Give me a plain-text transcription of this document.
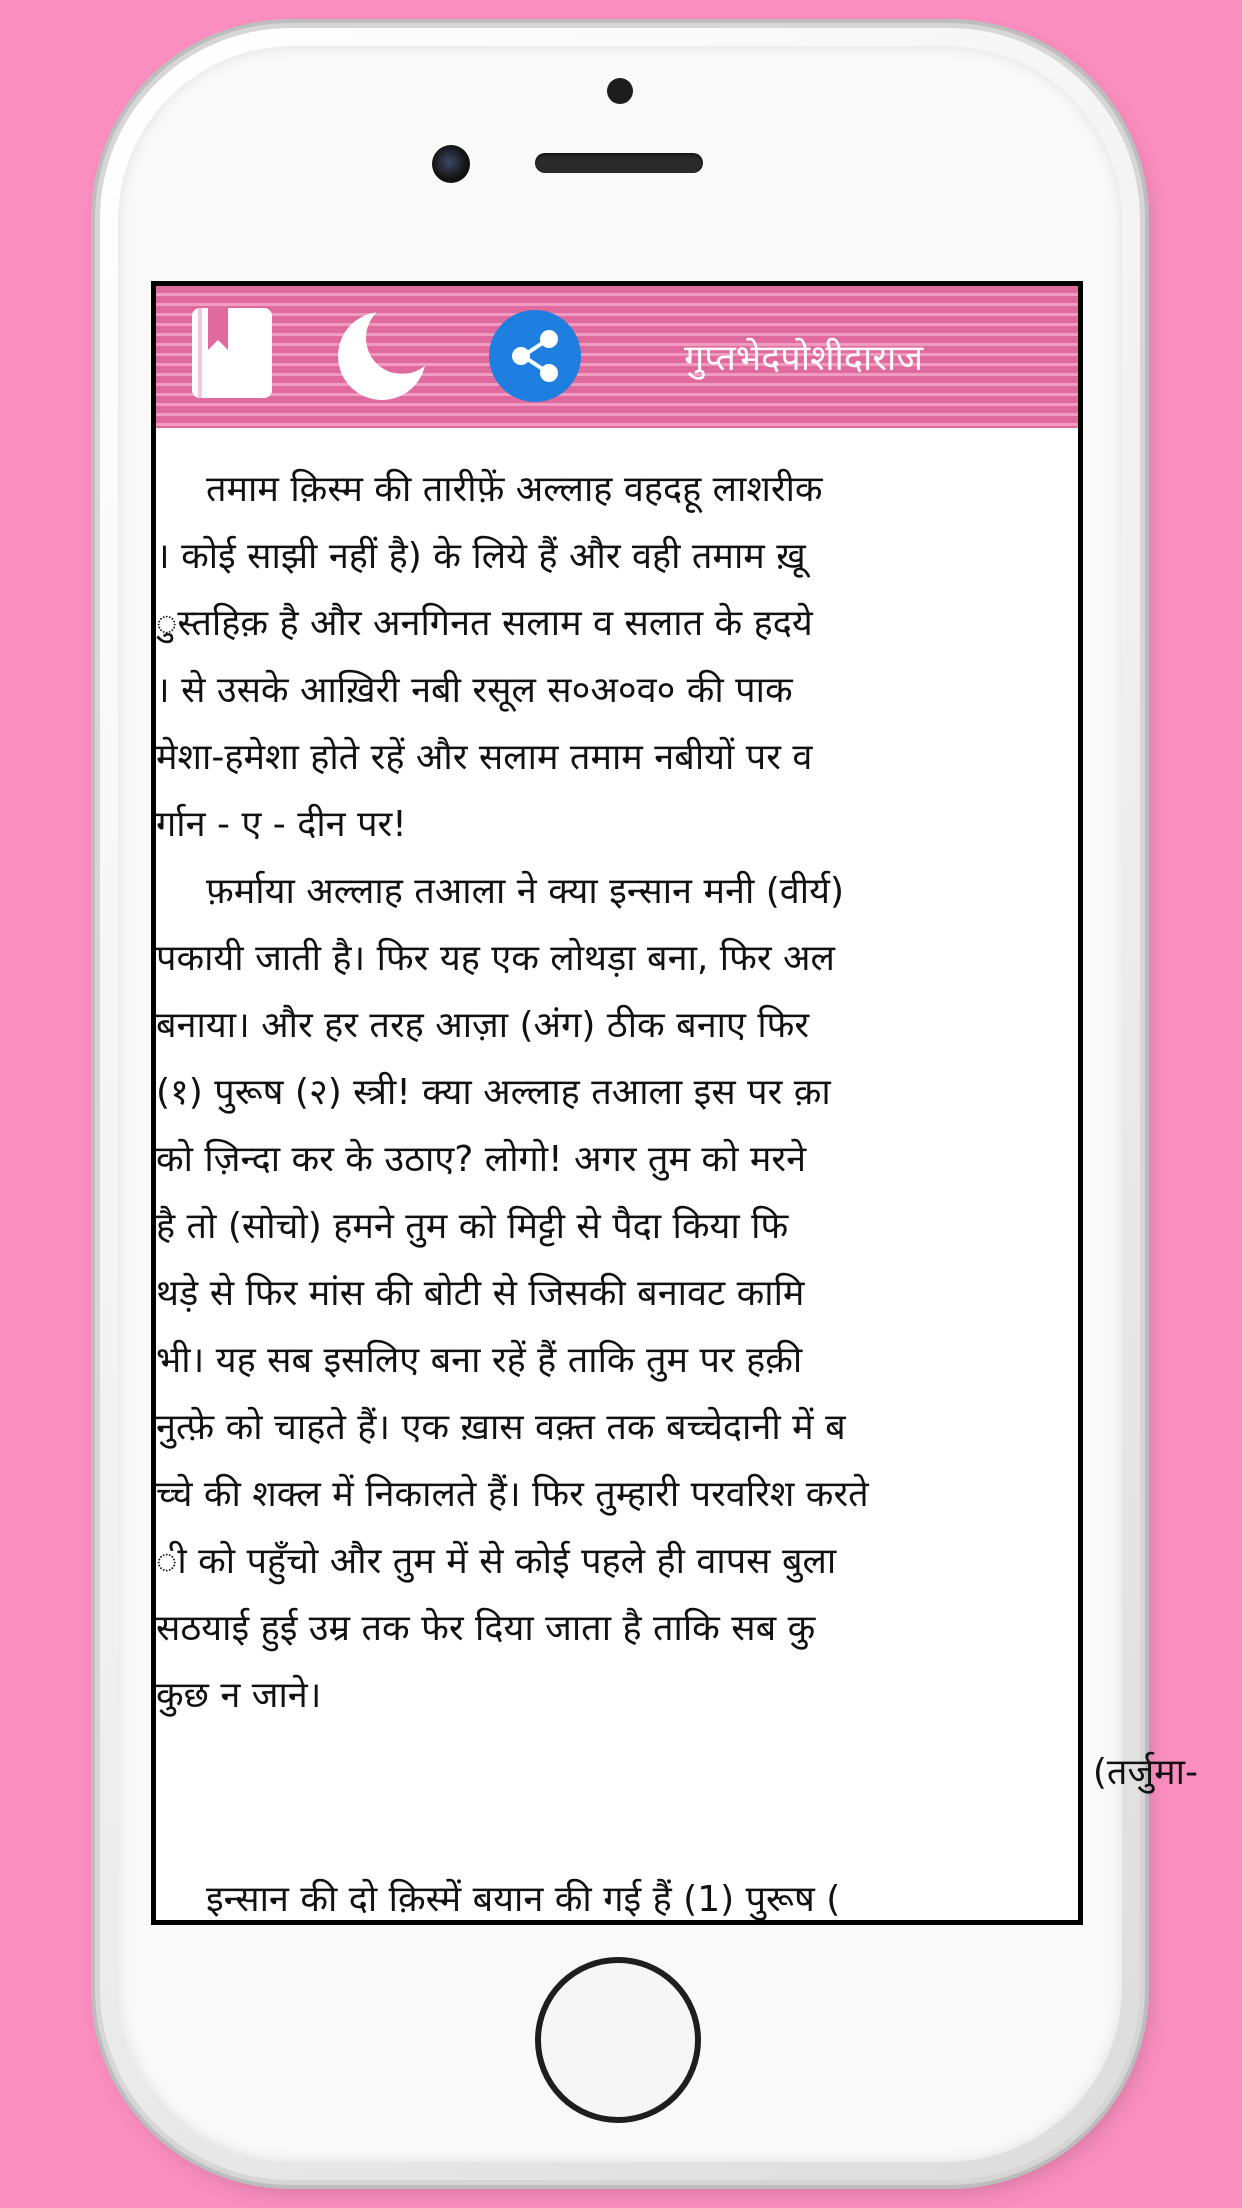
गुप्तभेदपोशीदाराज

तमाम क़िस्म की तारीफ़ें अल्लाह वहदहू लाशरीक

। कोई साझी नहीं है) के लिये हैं और वही तमाम ख़ू

ुस्तहिक़ है और अनगिनत सलाम व सलात के हदये

। से उसके आख़िरी नबी रसूल स०अ०व० की पाक

मेशा-हमेशा होते रहें और सलाम तमाम नबीयों पर व

र्गान - ए - दीन पर!

फ़र्माया अल्लाह तआला ने क्या इन्सान मनी (वीर्य)

पकायी जाती है। फिर यह एक लोथड़ा बना, फिर अल

बनाया। और हर तरह आज़ा (अंग) ठीक बनाए फिर

(१) पुरूष (२) स्त्री! क्या अल्लाह तआला इस पर क़ा

को ज़िन्दा कर के उठाए? लोगो! अगर तुम को मरने

है तो (सोचो) हमने तुम को मिट्टी से पैदा किया फि

थड़े से फिर मांस की बोटी से जिसकी बनावट कामि

भी। यह सब इसलिए बना रहें हैं ताकि तुम पर हक़ी

नुत्फ़े को चाहते हैं। एक ख़ास वक़्त तक बच्चेदानी में ब

च्चे की शक्ल में निकालते हैं। फिर तुम्हारी परवरिश करते

ी को पहुँचो और तुम में से कोई पहले ही वापस बुला

सठयाई हुई उम्र तक फेर दिया जाता है ताकि सब कु

कुछ न जाने।

(तर्जुमा-

इन्सान की दो क़िस्में बयान की गई हैं (1) पुरूष (
